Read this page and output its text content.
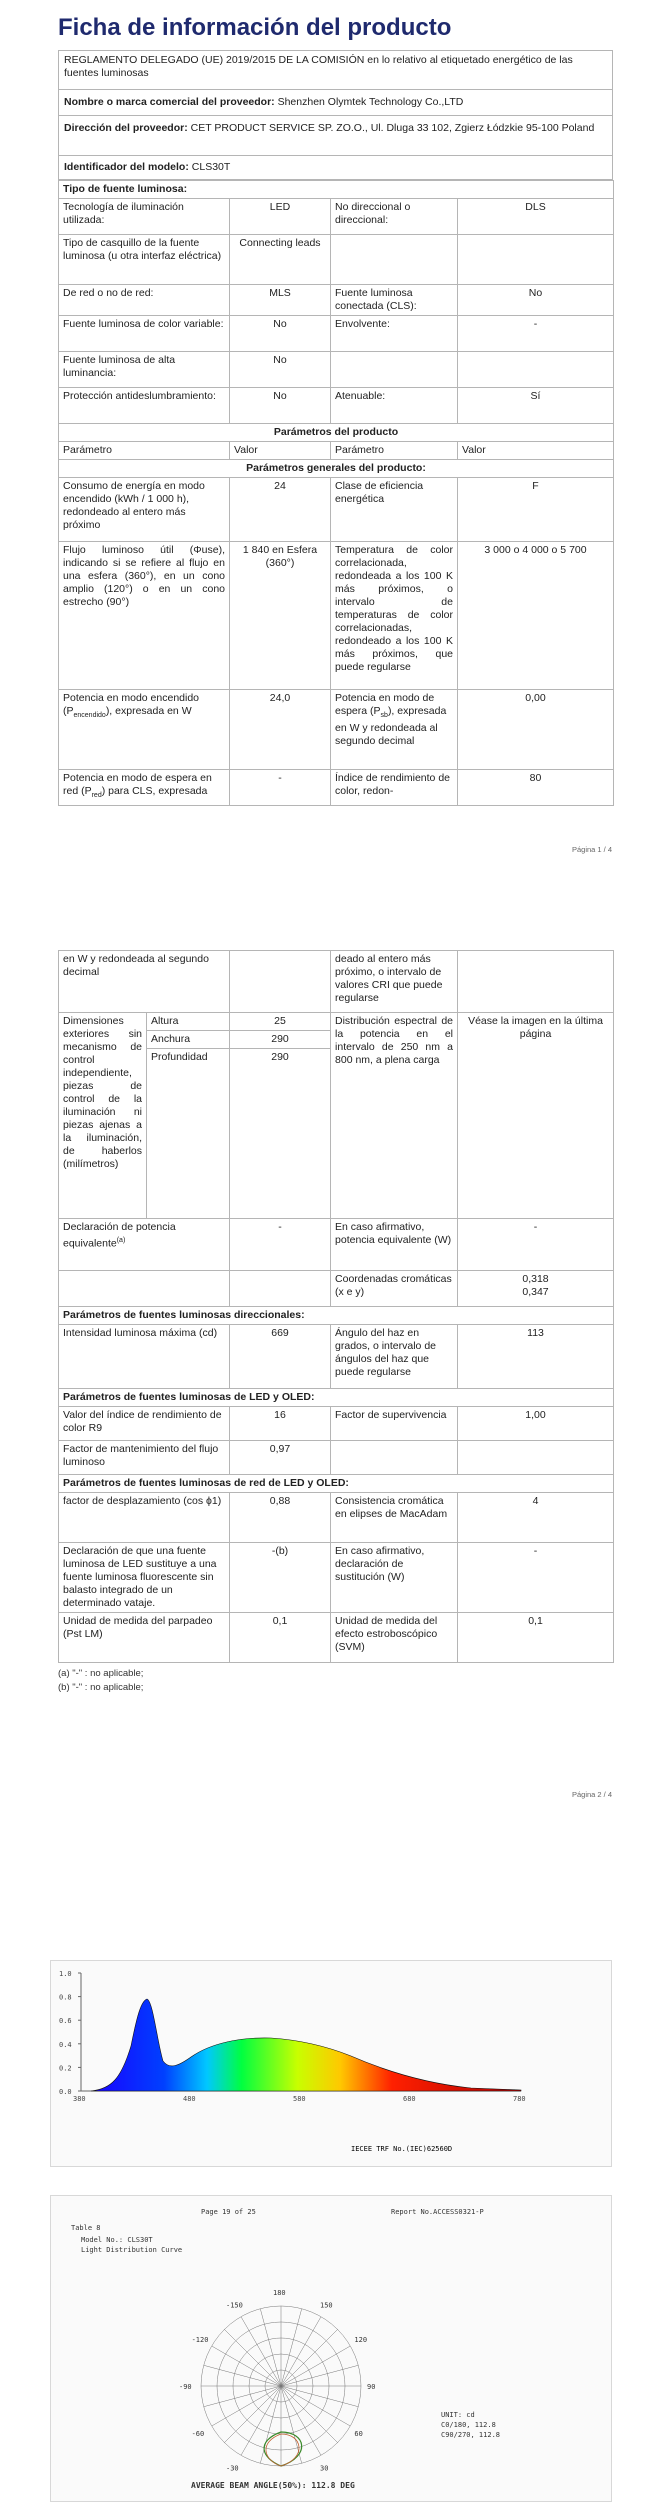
Ficha de información del producto
REGLAMENTO DELEGADO (UE) 2019/2015 DE LA COMISIÓN en lo relativo al etiquetado energético de las fuentes luminosas
Nombre o marca comercial del proveedor: Shenzhen Olymtek Technology Co.,LTD
Dirección del proveedor: CET PRODUCT SERVICE SP. ZO.O., Ul. Dluga 33 102, Zgierz Łódzkie 95-100 Poland
Identificador del modelo: CLS30T
Tipo de fuente luminosa:			
Tecnología de iluminación utilizada:	LED	No direccional o direccional:	DLS
Tipo de casquillo de la fuente luminosa (u otra interfaz eléctrica)	Connecting leads		
De red o no de red:	MLS	Fuente luminosa conectada (CLS):	No
Fuente luminosa de color variable:	No	Envolvente:	-
Fuente luminosa de alta luminancia:	No		
Protección antideslumbramiento:	No	Atenuable:	Sí
Parámetros del producto			
Parámetro	Valor	Parámetro	Valor
Parámetros generales del producto:			
Consumo de energía en modo encendido (kWh / 1 000 h), redondeado al entero más próximo	24	Clase de eficiencia energética	F
Flujo luminoso útil (Φuse), indicando si se refiere al flujo en una esfera (360°), en un cono amplio (120°) o en un cono estrecho (90°)	1 840 en Esfera (360°)	Temperatura de color correlacionada, redondeada a los 100 K más próximos, o intervalo de temperaturas de color correlacionadas, redondeado a los 100 K más próximos, que puede regularse	3 000 o 4 000 o 5 700
Potencia en modo encendido $(P_{encendido})$, expresada en W	24,0	Potencia en modo de espera $(P_{sb})$, expresada en W y redondeada al segundo decimal	0,00
Potencia en modo de espera en red $(P_{red})$ para CLS, expresada	-	Índice de rendimiento de color, redon-	80
Página 1 / 4
en W y redondeada al segundo decimal			deado al entero más próximo, o intervalo de valores CRI que puede regularse	
Dimensiones exteriores sin mecanismo de control independiente, piezas de control de la iluminación ni piezas ajenas a la iluminación, de haberlos (milímetros)	Altura	25	Distribución espectral de la potencia en el intervalo de 250 nm a 800 nm, a plena carga	Véase la imagen en la última página
	Anchura	290		
	Profundidad	290		
Declaración de potencia equivalente$^{(a)}$		-	En caso afirmativo, potencia equivalente (W)	-
			Coordenadas cromáticas (x e y)	0,318
0,347
Parámetros de fuentes luminosas direccionales:				
Intensidad luminosa máxima (cd)		669	Ángulo del haz en grados, o intervalo de ángulos del haz que puede regularse	113
Parámetros de fuentes luminosas de LED y OLED:				
Valor del índice de rendimiento de color R9		16	Factor de supervivencia	1,00
Factor de mantenimiento del flujo luminoso		0,97		
Parámetros de fuentes luminosas de red de LED y OLED:				
factor de desplazamiento (cos ϕ1)		0,88	Consistencia cromática en elipses de MacAdam	4
Declaración de que una fuente luminosa de LED sustituye a una fuente luminosa fluorescente sin balasto integrado de un determinado vataje.		-(b)	En caso afirmativo, declaración de sustitución (W)	-
Unidad de medida del parpadeo (Pst LM)		0,1	Unidad de medida del efecto estroboscópico (SVM)	0,1
(a) "-" : no aplicable;
(b) "-" : no aplicable;
Página 2 / 4
1.0
0.8
0.6
0.4
0.2
0.0
380	480	580	680	780
IECEE TRF No.(IEC)62560D
Page 19 of 25	Report No.ACCESS0321-P
Table 8
Model No.: CLS30T
Light Distribution Curve
-150
180
150
-120	120
-90	90
-60	60
-30	30
UNIT: cd
C0/180, 112.8
C90/270, 112.8
AVERAGE BEAM ANGLE(50%): 112.8 DEG
